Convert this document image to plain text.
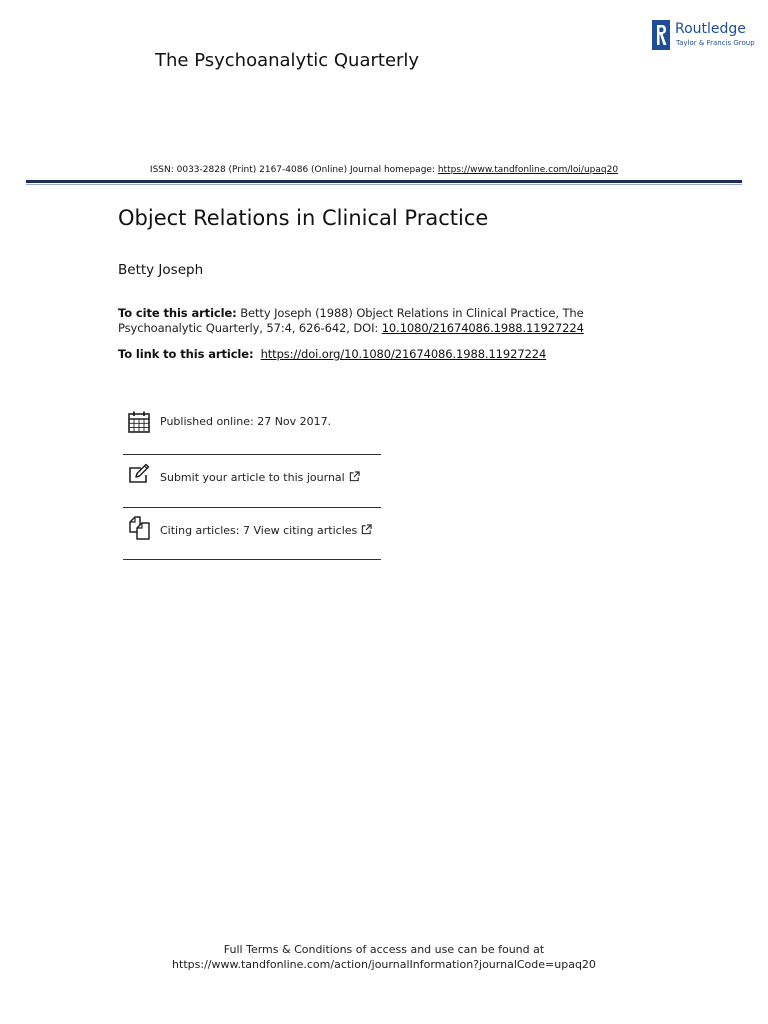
The Psychoanalytic Quarterly
Routledge
Taylor & Francis Group
ISSN: 0033-2828 (Print) 2167-4086 (Online) Journal homepage: https://www.tandfonline.com/loi/upaq20
Object Relations in Clinical Practice
Betty Joseph
To cite this article: Betty Joseph (1988) Object Relations in Clinical Practice, The Psychoanalytic Quarterly, 57:4, 626-642, DOI: 10.1080/21674086.1988.11927224
To link to this article: https://doi.org/10.1080/21674086.1988.11927224
Published online: 27 Nov 2017.
Submit your article to this journal
Citing articles: 7 View citing articles
Full Terms & Conditions of access and use can be found at
https://www.tandfonline.com/action/journalInformation?journalCode=upaq20
